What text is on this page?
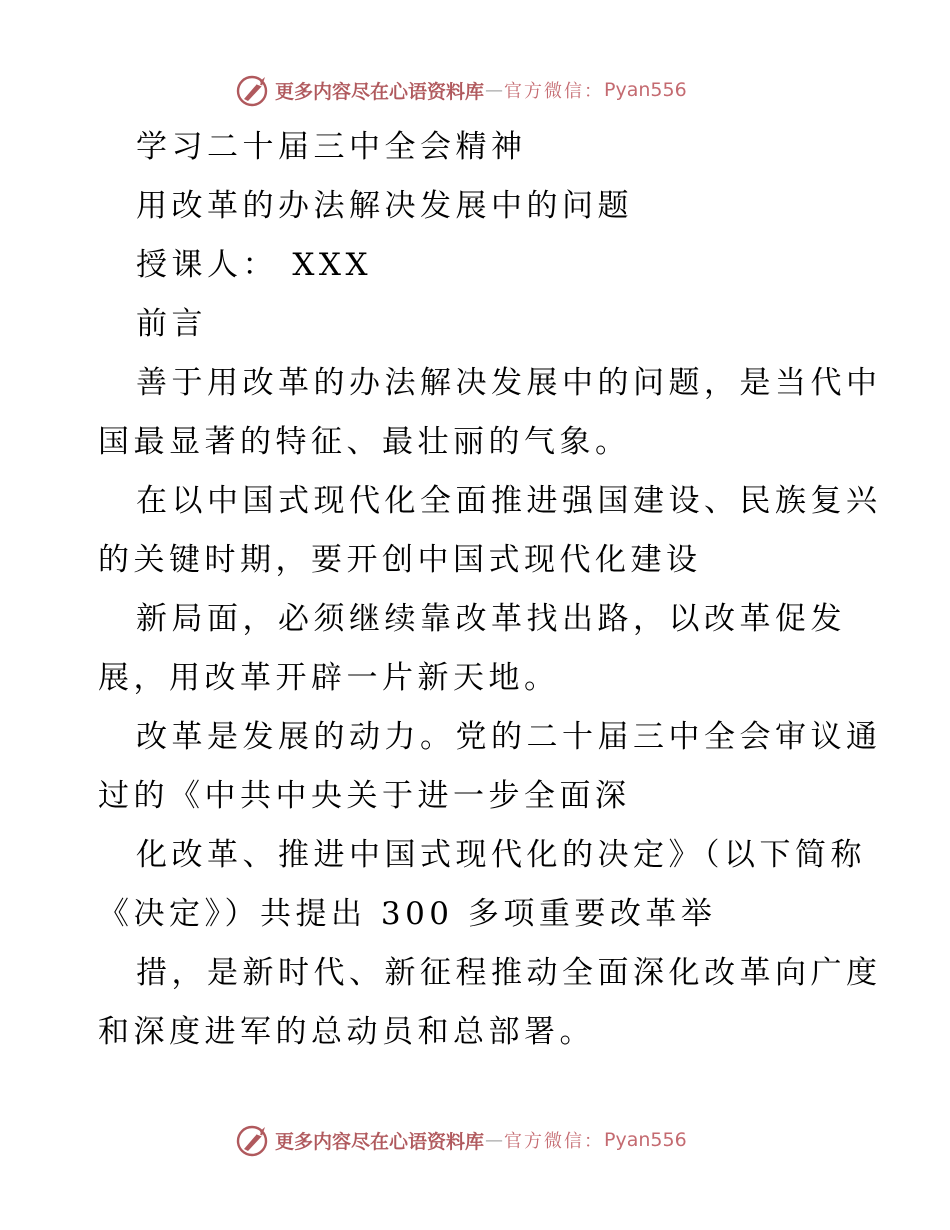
更多内容尽在心语资料库 — 官方微信： Pyan556
学习二十届三中全会精神
用改革的办法解决发展中的问题
授课人： XXX
前言
善于用改革的办法解决发展中的问题，是当代中
国最显著的特征、最壮丽的气象。
在以中国式现代化全面推进强国建设、民族复兴
的关键时期，要开创中国式现代化建设
新局面，必须继续靠改革找出路，以改革促发
展，用改革开辟一片新天地。
改革是发展的动力。党的二十届三中全会审议通
过的《中共中央关于进一步全面深
化改革、推进中国式现代化的决定》（以下简称
《决定》）共提出 300 多项重要改革举
措，是新时代、新征程推动全面深化改革向广度
和深度进军的总动员和总部署。
更多内容尽在心语资料库 — 官方微信： Pyan556
